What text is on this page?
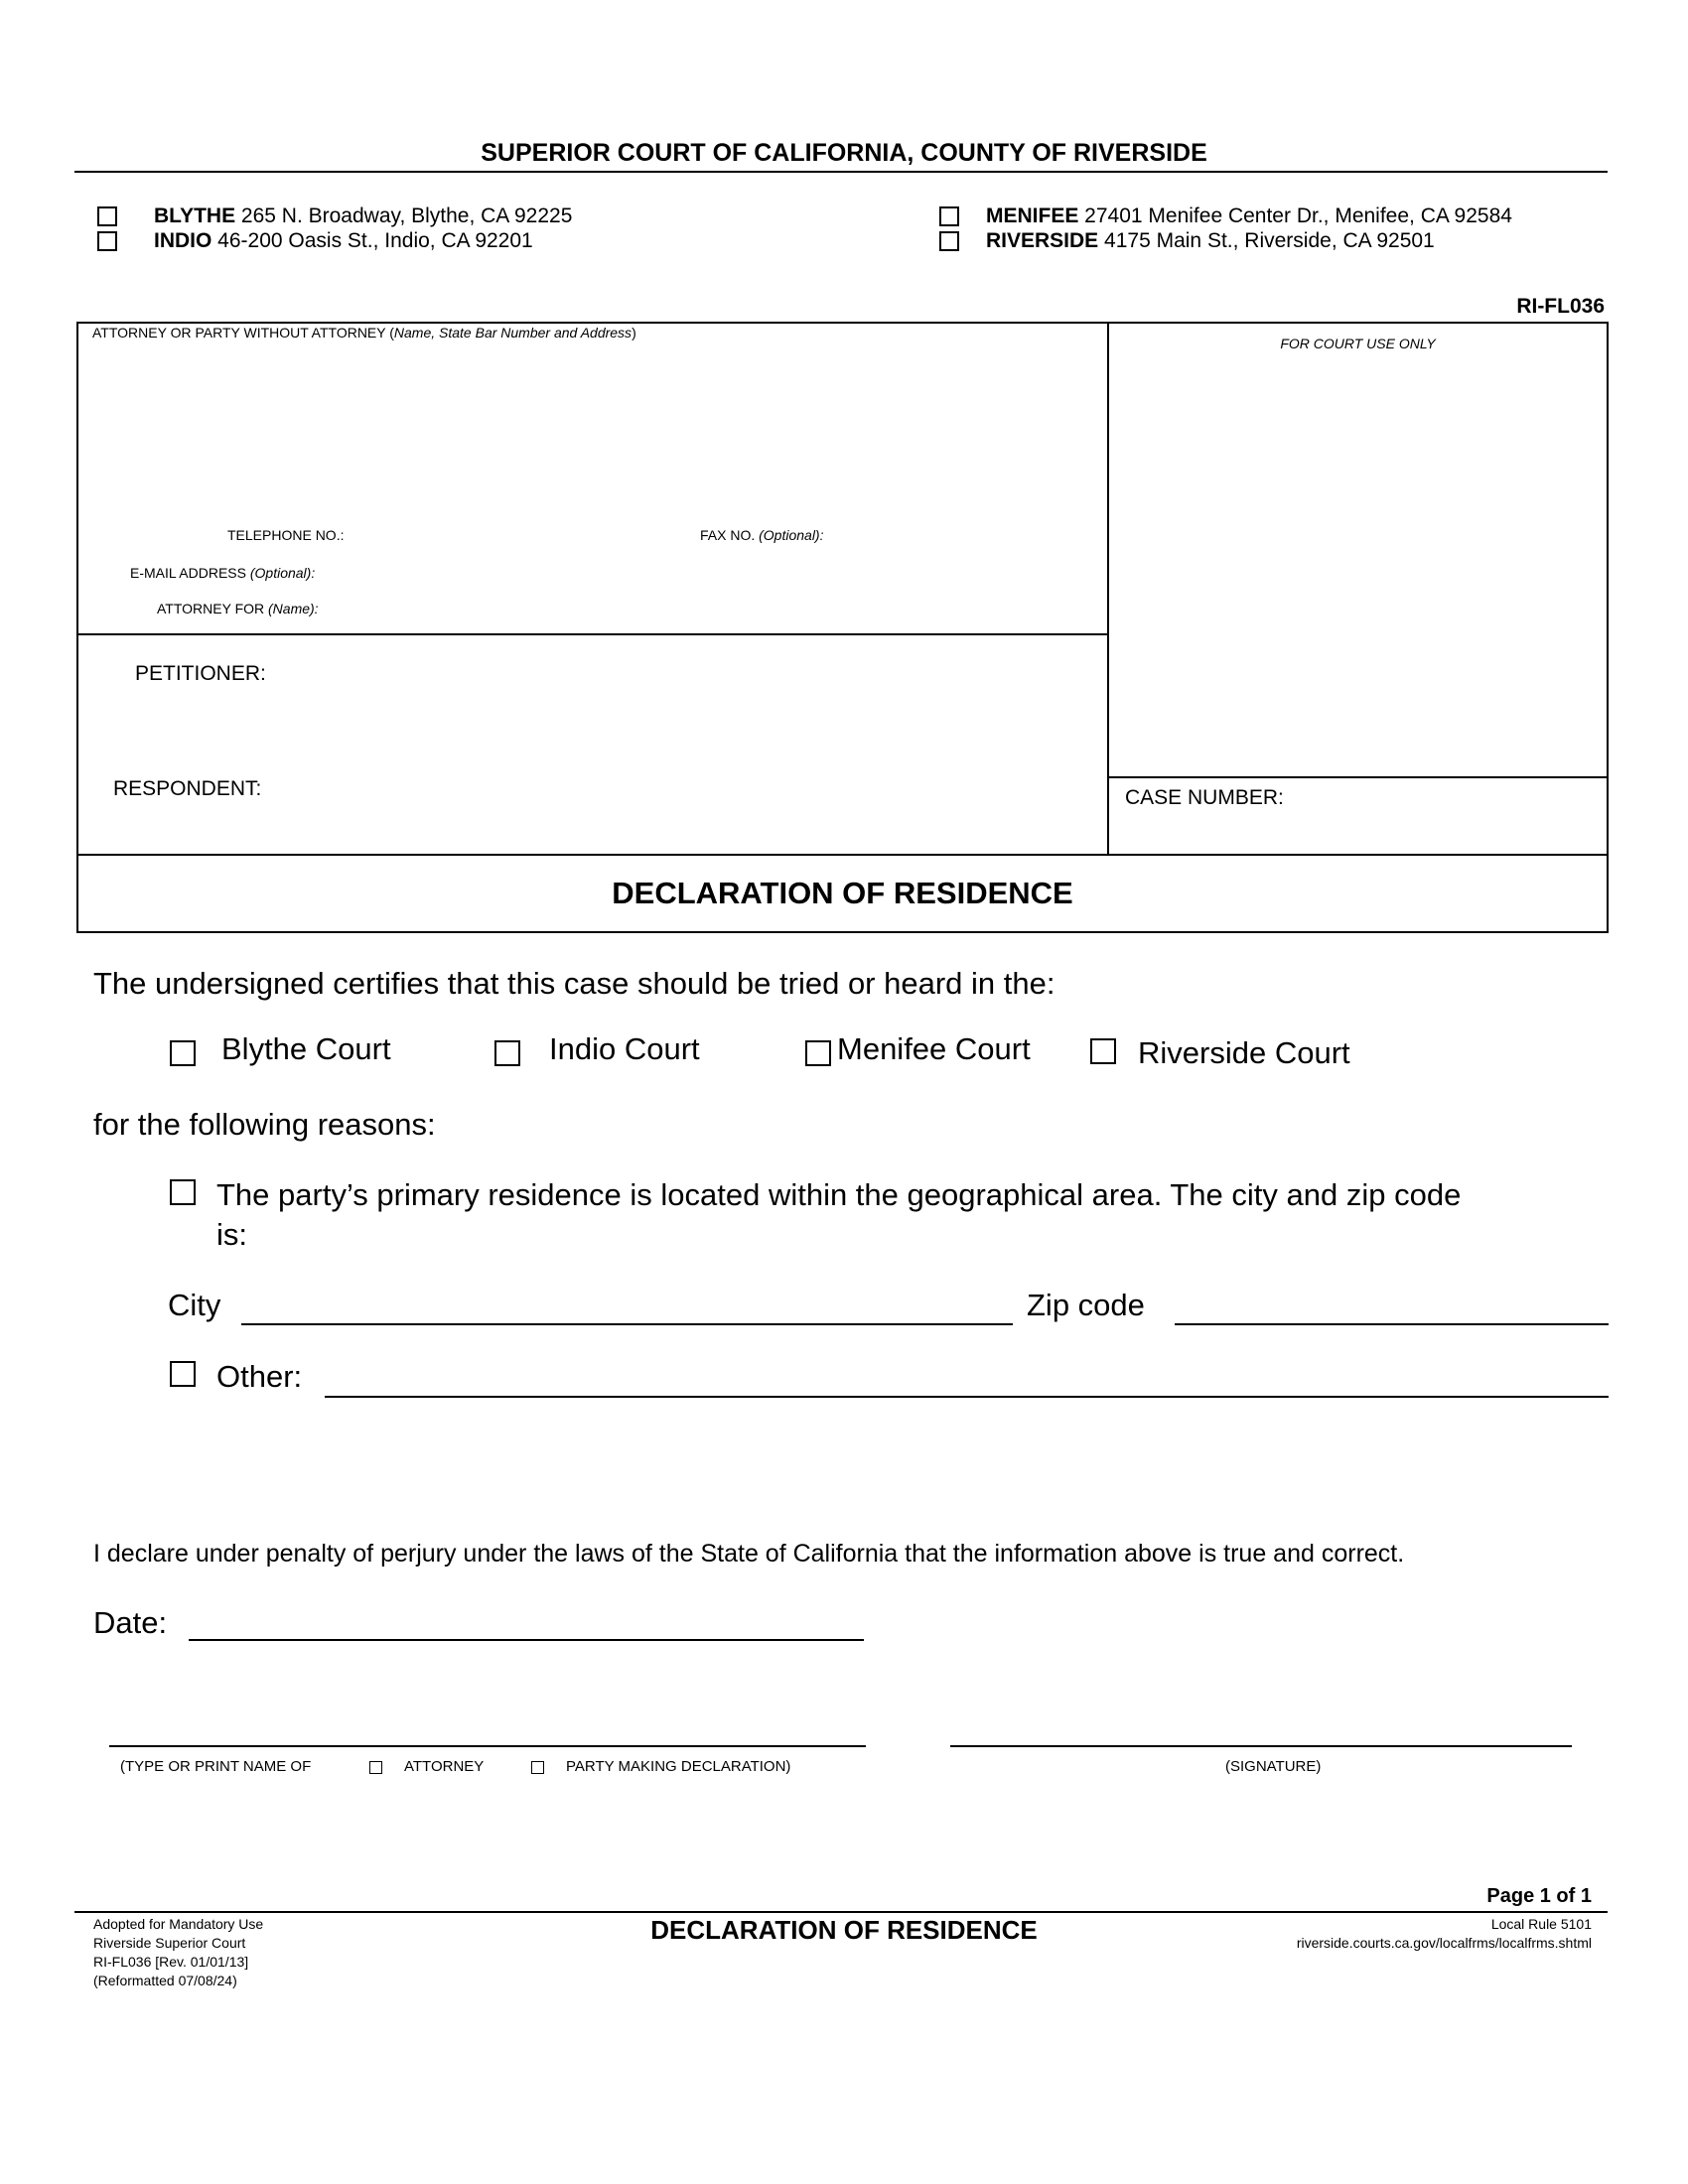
SUPERIOR COURT OF CALIFORNIA, COUNTY OF RIVERSIDE
BLYTHE 265 N. Broadway, Blythe, CA 92225
INDIO 46-200 Oasis St., Indio, CA 92201
MENIFEE 27401 Menifee Center Dr., Menifee, CA 92584
RIVERSIDE 4175 Main St., Riverside, CA 92501
RI-FL036
ATTORNEY OR PARTY WITHOUT ATTORNEY (Name, State Bar Number and Address)
FOR COURT USE ONLY
TELEPHONE NO.:	FAX NO. (Optional):
E-MAIL ADDRESS (Optional):
ATTORNEY FOR (Name):
PETITIONER:
RESPONDENT:	CASE NUMBER:
DECLARATION OF RESIDENCE
The undersigned certifies that this case should be tried or heard in the:
Blythe Court	Indio Court	Menifee Court	Riverside Court
for the following reasons:
The party’s primary residence is located within the geographical area. The city and zip code
is:
City	Zip code
Other:
I declare under penalty of perjury under the laws of the State of California that the information above is true and correct.
Date:
(TYPE OR PRINT NAME OF	ATTORNEY	PARTY MAKING DECLARATION)	(SIGNATURE)
Page 1 of 1
Adopted for Mandatory Use
Riverside Superior Court
RI-FL036 [Rev. 01/01/13]
(Reformatted 07/08/24)
DECLARATION OF RESIDENCE	Local Rule 5101
riverside.courts.ca.gov/localfrms/localfrms.shtml
